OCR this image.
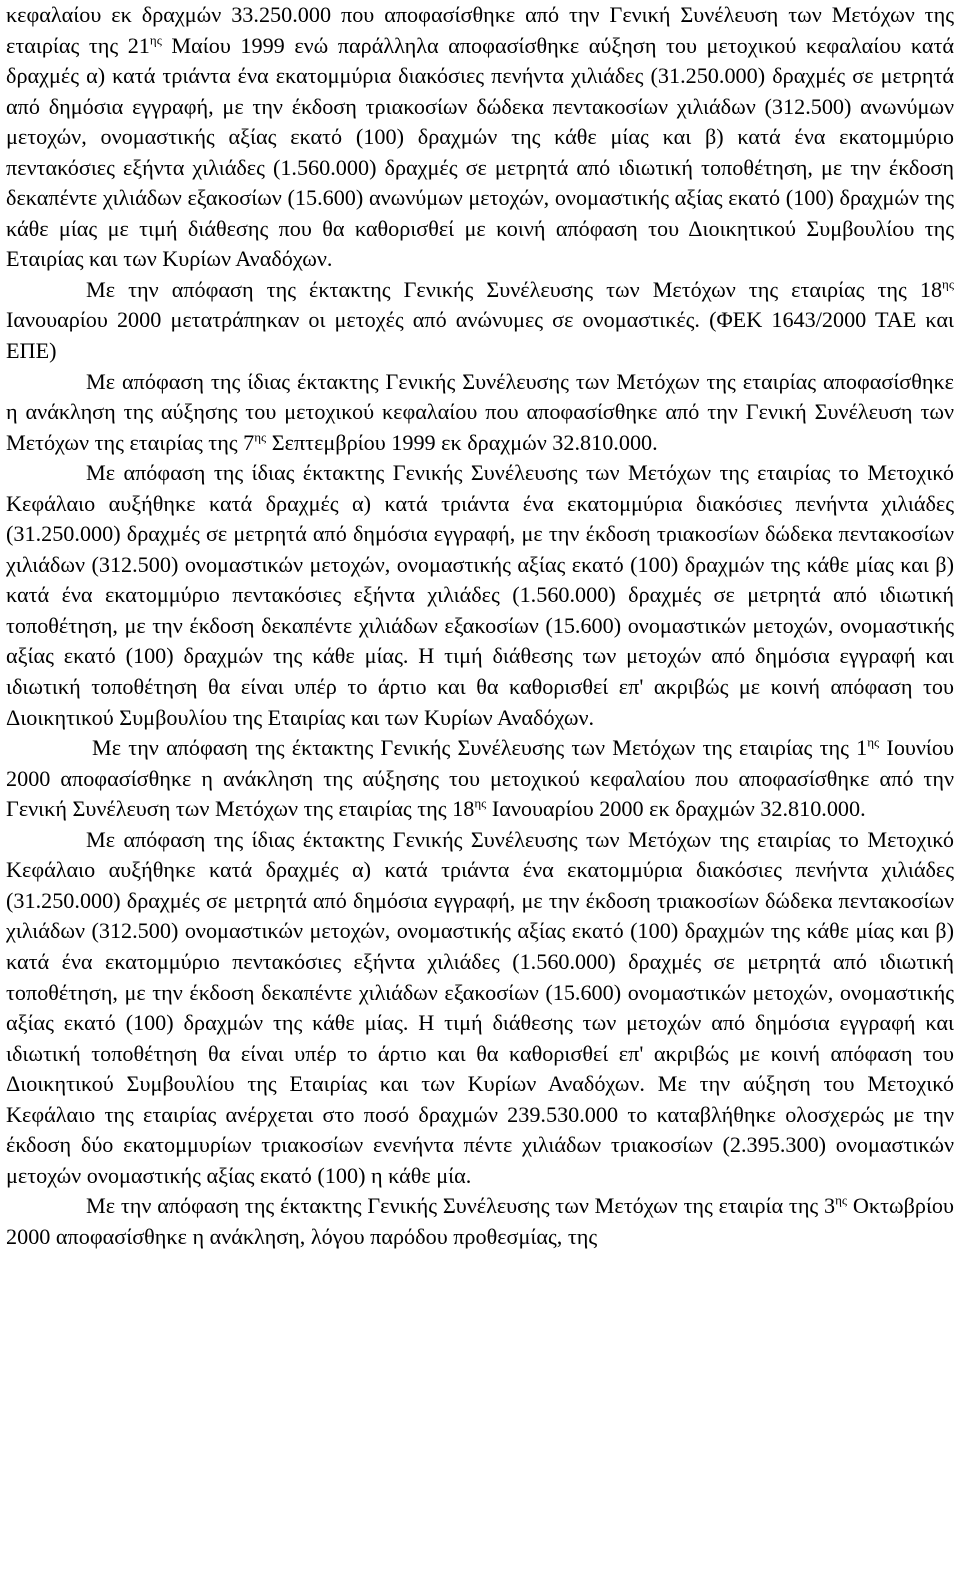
κεφαλαίου εκ δραχμών 33.250.000 που αποφασίσθηκε από την Γενική Συνέλευση των Μετόχων της εταιρίας της $21^{\eta\varsigma}$ Μαίου 1999 ενώ παράλληλα αποφασίσθηκε αύξηση του μετοχικού κεφαλαίου κατά δραχμές α) κατά τριάντα ένα εκατομμύρια διακόσιες πενήντα χιλιάδες (31.250.000) δραχμές σε μετρητά από δημόσια εγγραφή, με την έκδοση τριακοσίων δώδεκα πεντακοσίων χιλιάδων (312.500) ανωνύμων μετοχών, ονομαστικής αξίας εκατό (100) δραχμών της κάθε μίας και β) κατά ένα εκατομμύριο πεντακόσιες εξήντα χιλιάδες (1.560.000) δραχμές σε μετρητά από ιδιωτική τοποθέτηση, με την έκδοση δεκαπέντε χιλιάδων εξακοσίων (15.600) ανωνύμων μετοχών, ονομαστικής αξίας εκατό (100) δραχμών της κάθε μίας με τιμή διάθεσης που θα καθορισθεί με κοινή απόφαση του Διοικητικού Συμβουλίου της Εταιρίας και των Κυρίων Αναδόχων.

Με την απόφαση της έκτακτης Γενικής Συνέλευσης των Μετόχων της εταιρίας της $18^{\eta\varsigma}$ Ιανουαρίου 2000 μετατράπηκαν οι μετοχές από ανώνυμες σε ονομαστικές. (ΦΕΚ 1643/2000 ΤΑΕ και ΕΠΕ)

Με απόφαση της ίδιας έκτακτης Γενικής Συνέλευσης των Μετόχων της εταιρίας αποφασίσθηκε η ανάκληση της αύξησης του μετοχικού κεφαλαίου που αποφασίσθηκε από την Γενική Συνέλευση των Μετόχων της εταιρίας της $7^{\eta\varsigma}$ Σεπτεμβρίου 1999 εκ δραχμών 32.810.000.

Με απόφαση της ίδιας έκτακτης Γενικής Συνέλευσης των Μετόχων της εταιρίας το Μετοχικό Κεφάλαιο αυξήθηκε κατά δραχμές α) κατά τριάντα ένα εκατομμύρια διακόσιες πενήντα χιλιάδες (31.250.000) δραχμές σε μετρητά από δημόσια εγγραφή, με την έκδοση τριακοσίων δώδεκα πεντακοσίων χιλιάδων (312.500) ονομαστικών μετοχών, ονομαστικής αξίας εκατό (100) δραχμών της κάθε μίας και β) κατά ένα εκατομμύριο πεντακόσιες εξήντα χιλιάδες (1.560.000) δραχμές σε μετρητά από ιδιωτική τοποθέτηση, με την έκδοση δεκαπέντε χιλιάδων εξακοσίων (15.600) ονομαστικών μετοχών, ονομαστικής αξίας εκατό (100) δραχμών της κάθε μίας. Η τιμή διάθεσης των μετοχών από δημόσια εγγραφή και ιδιωτική τοποθέτηση θα είναι υπέρ το άρτιο και θα καθορισθεί επ' ακριβώς με κοινή απόφαση του Διοικητικού Συμβουλίου της Εταιρίας και των Κυρίων Αναδόχων.

Με την απόφαση της έκτακτης Γενικής Συνέλευσης των Μετόχων της εταιρίας της $1^{\eta\varsigma}$ Ιουνίου 2000 αποφασίσθηκε η ανάκληση της αύξησης του μετοχικού κεφαλαίου που αποφασίσθηκε από την Γενική Συνέλευση των Μετόχων της εταιρίας της $18^{\eta\varsigma}$ Ιανουαρίου 2000 εκ δραχμών 32.810.000.

Με απόφαση της ίδιας έκτακτης Γενικής Συνέλευσης των Μετόχων της εταιρίας το Μετοχικό Κεφάλαιο αυξήθηκε κατά δραχμές α) κατά τριάντα ένα εκατομμύρια διακόσιες πενήντα χιλιάδες (31.250.000) δραχμές σε μετρητά από δημόσια εγγραφή, με την έκδοση τριακοσίων δώδεκα πεντακοσίων χιλιάδων (312.500) ονομαστικών μετοχών, ονομαστικής αξίας εκατό (100) δραχμών της κάθε μίας και β) κατά ένα εκατομμύριο πεντακόσιες εξήντα χιλιάδες (1.560.000) δραχμές σε μετρητά από ιδιωτική τοποθέτηση, με την έκδοση δεκαπέντε χιλιάδων εξακοσίων (15.600) ονομαστικών μετοχών, ονομαστικής αξίας εκατό (100) δραχμών της κάθε μίας. Η τιμή διάθεσης των μετοχών από δημόσια εγγραφή και ιδιωτική τοποθέτηση θα είναι υπέρ το άρτιο και θα καθορισθεί επ' ακριβώς με κοινή απόφαση του Διοικητικού Συμβουλίου της Εταιρίας και των Κυρίων Αναδόχων. Με την αύξηση του Μετοχικό Κεφάλαιο της εταιρίας ανέρχεται στο ποσό δραχμών 239.530.000 το καταβλήθηκε ολοσχερώς με την έκδοση δύο εκατομμυρίων τριακοσίων ενενήντα πέντε χιλιάδων τριακοσίων (2.395.300) ονομαστικών μετοχών ονομαστικής αξίας εκατό (100) η κάθε μία.

Με την απόφαση της έκτακτης Γενικής Συνέλευσης των Μετόχων της εταιρία της $3^{\eta\varsigma}$ Οκτωβρίου 2000 αποφασίσθηκε η ανάκληση, λόγου παρόδου προθεσμίας, της
